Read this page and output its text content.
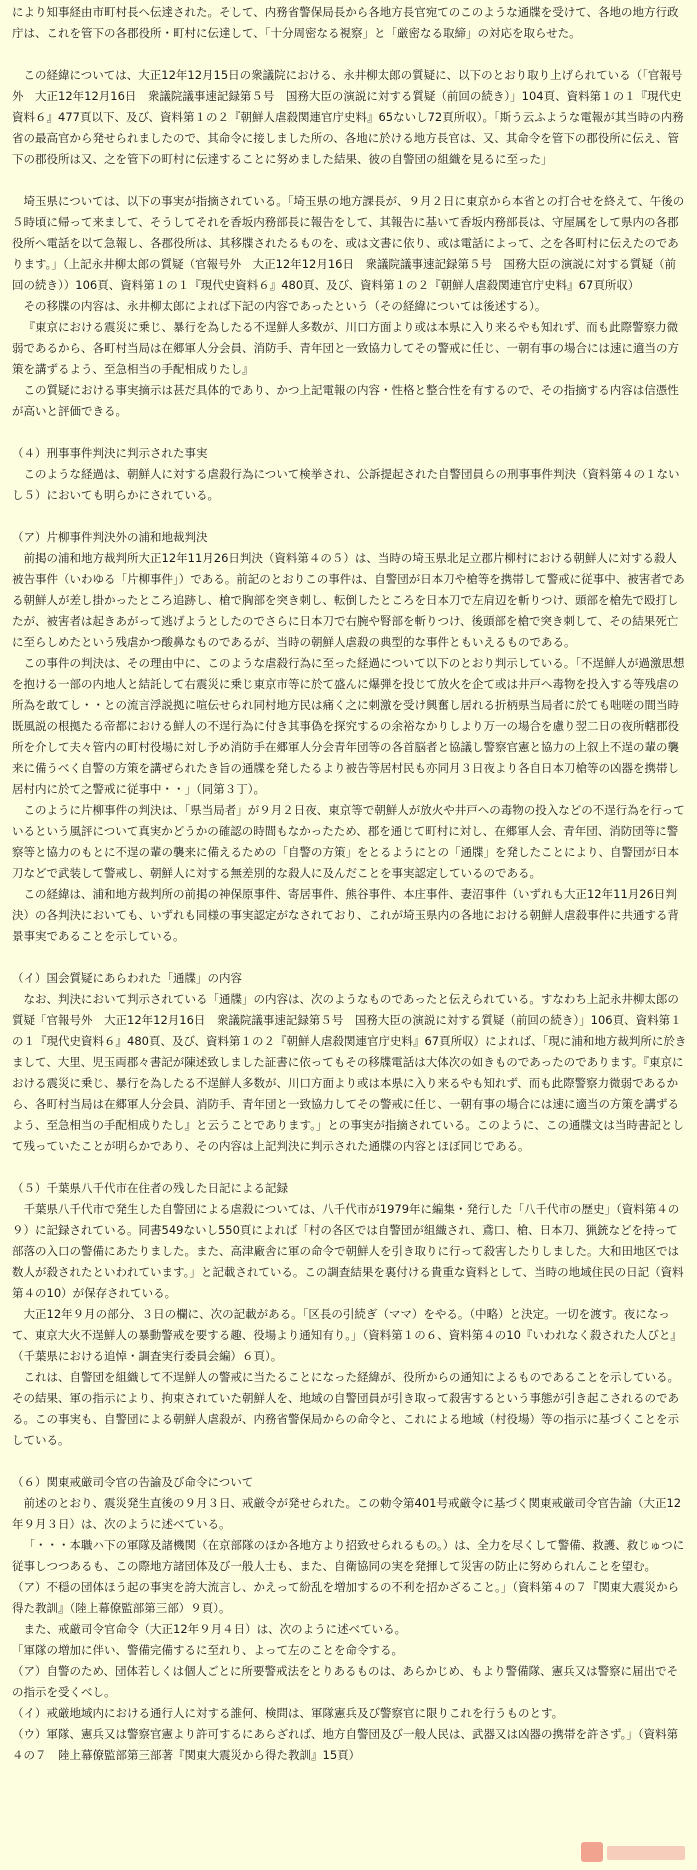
により知事経由市町村長へ伝達された。そして、内務省警保局長から各地方長官宛てのこのような通牒を受けて、各地の地方行政庁は、これを管下の各郡役所・町村に伝達して、「十分周密なる視察」と「厳密なる取締」の対応を取らせた。

この経緯については、大正12年12月15日の衆議院における、永井柳太郎の質疑に、以下のとおり取り上げられている（「官報号外　大正12年12月16日　衆議院議事速記録第５号　国務大臣の演説に対する質疑（前回の続き）」104頁、資料第１の１『現代史資料６』477頁以下、及び、資料第１の２『朝鮮人虐殺関連官庁史料』65ないし72頁所収）。「斯う云ふような電報が其当時の内務省の最高官から発せられましたので、其命令に接しました所の、各地に於ける地方長官は、又、其命令を管下の郡役所に伝え、管下の郡役所は又、之を管下の町村に伝達することに努めました結果、彼の自警団の組織を見るに至った」

埼玉県については、以下の事実が指摘されている。「埼玉県の地方課長が、９月２日に東京から本省との打合せを終えて、午後の５時頃に帰って来まして、そうしてそれを香坂内務部長に報告をして、其報告に基いて香坂内務部長は、守屋属をして県内の各郡役所へ電話を以て急報し、各郡役所は、其移牒されたるものを、或は文書に依り、或は電話によって、之を各町村に伝えたのであります。」（上記永井柳太郎の質疑（官報号外　大正12年12月16日　衆議院議事速記録第５号　国務大臣の演説に対する質疑（前回の続き））106頁、資料第１の１『現代史資料６』480頁、及び、資料第１の２『朝鮮人虐殺関連官庁史料』67頁所収）

その移牒の内容は、永井柳太郎によれば下記の内容であったという（その経緯については後述する）。

『東京における震災に乗じ、暴行を為したる不逞鮮人多数が、川口方面より或は本県に入り来るやも知れず、而も此際警察力微弱であるから、各町村当局は在郷軍人分会員、消防手、青年団と一致協力してその警戒に任じ、一朝有事の場合には速に適当の方策を講ずるよう、至急相当の手配相成りたし』

この質疑における事実摘示は甚だ具体的であり、かつ上記電報の内容・性格と整合性を有するので、その指摘する内容は信憑性が高いと評価できる。

（４）刑事事件判決に判示された事実

このような経過は、朝鮮人に対する虐殺行為について検挙され、公訴提起された自警団員らの刑事事件判決（資料第４の１ないし５）においても明らかにされている。

（ア）片柳事件判決外の浦和地裁判決

前掲の浦和地方裁判所大正12年11月26日判決（資料第４の５）は、当時の埼玉県北足立郡片柳村における朝鮮人に対する殺人被告事件（いわゆる「片柳事件」）である。前記のとおりこの事件は、自警団が日本刀や槍等を携帯して警戒に従事中、被害者である朝鮮人が差し掛かったところ追跡し、槍で胸部を突き刺し、転倒したところを日本刀で左肩辺を斬りつけ、頭部を槍先で殴打したが、被害者は起きあがって逃げようとしたのでさらに日本刀で右腕や腎部を斬りつけ、後頭部を槍で突き刺して、その結果死亡に至らしめたという残虐かつ酸鼻なものであるが、当時の朝鮮人虐殺の典型的な事件ともいえるものである。

この事件の判決は、その理由中に、このような虐殺行為に至った経過について以下のとおり判示している。「不逞鮮人が過激思想を抱ける一部の内地人と結託して右震災に乗じ東京市等に於て盛んに爆弾を投じて放火を企て或は井戸へ毒物を投入する等残虐の所為を敢てし・・との流言浮説拠に喧伝せられ同村地方民は痛く之に刺激を受け興奮し居れる折柄県当局者に於ても咄嗟の間当時既風説の根拠たる帝都における鮮人の不逞行為に付き其事偽を探究するの余裕なかりしより万一の場合を慮り翌二日の夜所轄郡役所を介して夫々管内の町村役場に対し予め消防手在郷軍人分会青年団等の各首脳者と協議し警察官憲と協力の上叙上不逞の輩の襲来に備うべく自警の方策を講ぜられたき旨の通牒を発したるより被告等居村民も亦同月３日夜より各自日本刀槍等の凶器を携帯し居村内に於て之警戒に従事中・・」（同第３丁）。

このように片柳事件の判決は、「県当局者」が９月２日夜、東京等で朝鮮人が放火や井戸への毒物の投入などの不逞行為を行っているという風評について真実かどうかの確認の時間もなかったため、郡を通じて町村に対し、在郷軍人会、青年団、消防団等に警察等と協力のもとに不逞の輩の襲来に備えるための「自警の方策」をとるようにとの「通牒」を発したことにより、自警団が日本刀などで武装して警戒し、朝鮮人に対する無差別的な殺人に及んだことを事実認定しているのである。

この経緯は、浦和地方裁判所の前掲の神保原事件、寄居事件、熊谷事件、本庄事件、妻沼事件（いずれも大正12年11月26日判決）の各判決においても、いずれも同様の事実認定がなされており、これが埼玉県内の各地における朝鮮人虐殺事件に共通する背景事実であることを示している。

（イ）国会質疑にあらわれた「通牒」の内容

なお、判決において判示されている「通牒」の内容は、次のようなものであったと伝えられている。すなわち上記永井柳太郎の質疑「官報号外　大正12年12月16日　衆議院議事速記録第５号　国務大臣の演説に対する質疑（前回の続き）」106頁、資料第１の１『現代史資料６』480頁、及び、資料第１の２『朝鮮人虐殺関連官庁史料』67頁所収）によれば、「現に浦和地方裁判所に於きまして、大里、児玉両郡々書記が陳述致しました証書に依ってもその移牒電話は大体次の如きものであったのであります。『東京における震災に乗じ、暴行を為したる不逞鮮人多数が、川口方面より或は本県に入り来るやも知れず、而も此際警察力微弱であるから、各町村当局は在郷軍人分会員、消防手、青年団と一致協力してその警戒に任じ、一朝有事の場合には速に適当の方策を講ずるよう、至急相当の手配相成りたし』と云うことであります。」との事実が指摘されている。このように、この通牒文は当時書記として残っていたことが明らかであり、その内容は上記判決に判示された通牒の内容とほぼ同じである。

（５）千葉県八千代市在住者の残した日記による記録

千葉県八千代市で発生した自警団による虐殺については、八千代市が1979年に編集・発行した「八千代市の歴史」（資料第４の９）に記録されている。同書549ないし550頁によれば「村の各区では自警団が組織され、鳶口、槍、日本刀、猟銃などを持って部落の入口の警備にあたりました。また、高津廠舎に軍の命令で朝鮮人を引き取りに行って殺害したりしました。大和田地区では数人が殺されたといわれています。」と記載されている。この調査結果を裏付ける貴重な資料として、当時の地域住民の日記（資料第４の10）が保存されている。

大正12年９月の部分、３日の欄に、次の記載がある。「区長の引続ぎ（ママ）をやる。（中略）と決定。一切を渡す。夜になって、東京大火不逞鮮人の暴動警戒を要する趣、役場より通知有り。」（資料第１の６、資料第４の10『いわれなく殺された人びと』（千葉県における追悼・調査実行委員会編）６頁）。

これは、自警団を組織して不逞鮮人の警戒に当たることになった経緯が、役所からの通知によるものであることを示している。その結果、軍の指示により、拘束されていた朝鮮人を、地域の自警団員が引き取って殺害するという事態が引き起こされるのである。この事実も、自警団による朝鮮人虐殺が、内務省警保局からの命令と、これによる地域（村役場）等の指示に基づくことを示している。

（６）関東戒厳司令官の告諭及び命令について

前述のとおり、震災発生直後の９月３日、戒厳令が発せられた。この勅令第401号戒厳令に基づく関東戒厳司令官告諭（大正12年９月３日）は、次のように述べている。

「・・・本職ハ下の軍隊及諸機関（在京部隊のほか各地方より招致せられるもの。）は、全力を尽くして警備、救護、救じゅつに従事しつつあるも、この際地方諸団体及び一般人士も、また、自衛協同の実を発揮して災害の防止に努められんことを望む。

（ア）不穏の団体ほう起の事実を誇大流言し、かえって紛乱を増加するの不利を招かざること。」（資料第４の７『関東大震災から得た教訓』（陸上幕僚監部第三部）９頁）。

また、戒厳司令官命令（大正12年９月４日）は、次のように述べている。

「軍隊の増加に伴い、警備完備するに至れり、よって左のことを命令する。

（ア）自警のため、団体若しくは個人ごとに所要警戒法をとりあるものは、あらかじめ、もより警備隊、憲兵又は警察に届出でその指示を受くべし。

（イ）戒厳地域内における通行人に対する誰何、検問は、軍隊憲兵及び警察官に限りこれを行うものとす。

（ウ）軍隊、憲兵又は警察官憲より許可するにあらざれば、地方自警団及び一般人民は、武器又は凶器の携帯を許さず。」（資料第４の７　陸上幕僚監部第三部著『関東大震災から得た教訓』15頁）
